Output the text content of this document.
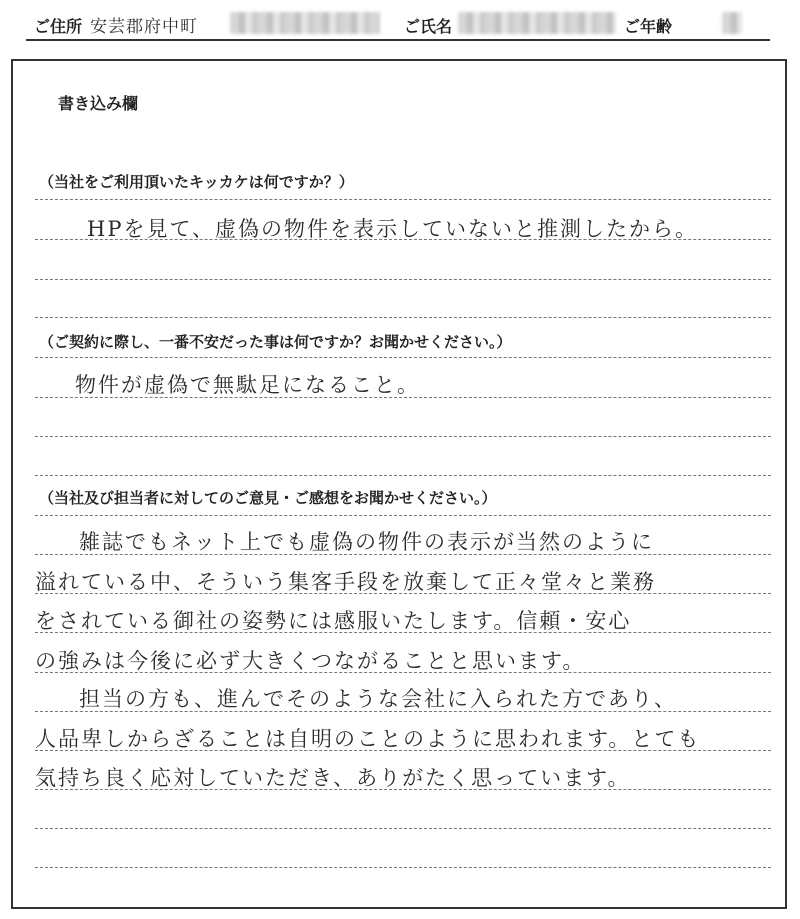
ご住所 安芸郡府中町	ご氏名	ご年齢
書き込み欄
（当社をご利用頂いたキッカケは何ですか？）
HPを見て、虚偽の物件を表示していないと推測したから。
（ご契約に際し、一番不安だった事は何ですか？お聞かせください。）
物件が虚偽で無駄足になること。
（当社及び担当者に対してのご意見・ご感想をお聞かせください。）
雑誌でもネット上でも虚偽の物件の表示が当然のように
溢れている中、そういう集客手段を放棄して正々堂々と業務
をされている御社の姿勢には感服いたします。信頼・安心
の強みは今後に必ず大きくつながることと思います。
担当の方も、進んでそのような会社に入られた方であり、
人品卑しからざることは自明のことのように思われます。とても
気持ち良く応対していただき、ありがたく思っています。
